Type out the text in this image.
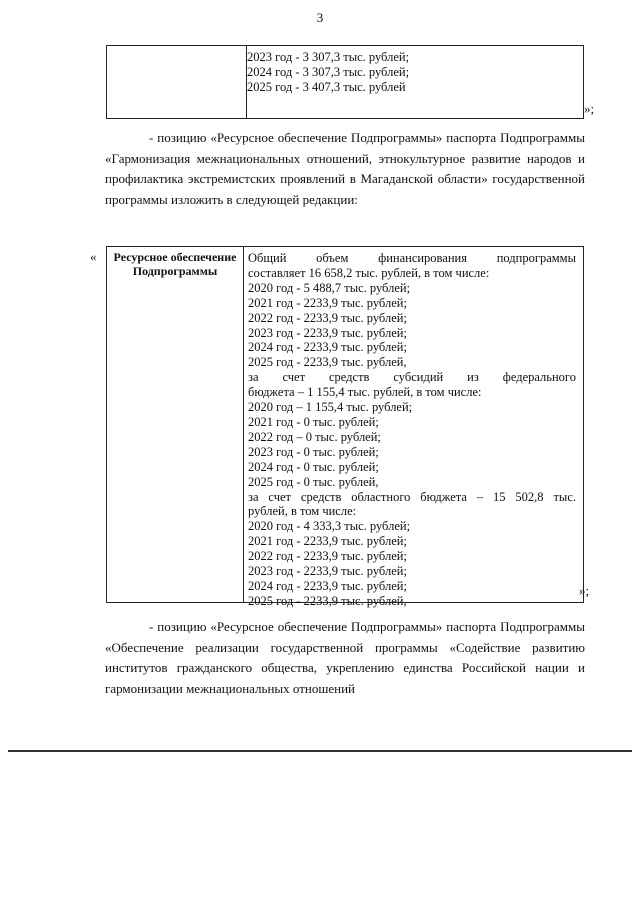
3
2023 год - 3 307,3 тыс. рублей;
2024 год - 3 307,3 тыс. рублей;
2025 год - 3 407,3 тыс. рублей
»;
- позицию «Ресурсное обеспечение Подпрограммы» паспорта Подпрограммы «Гармонизация межнациональных отношений, этнокультурное развитие народов и профилактика экстремистских проявлений в Магаданской области» государственной программы изложить в следующей редакции:
«	Ресурсное обеспечение Подпрограммы
Общий объем финансирования подпрограммы
составляет 16 658,2 тыс. рублей, в том числе:
2020 год - 5 488,7 тыс. рублей;
2021 год - 2233,9 тыс. рублей;
2022 год - 2233,9 тыс. рублей;
2023 год - 2233,9 тыс. рублей;
2024 год - 2233,9 тыс. рублей;
2025 год - 2233,9 тыс. рублей,
за счет средств субсидий из федерального
бюджета – 1 155,4 тыс. рублей, в том числе:
2020 год – 1 155,4 тыс. рублей;
2021 год - 0 тыс. рублей;
2022 год – 0 тыс. рублей;
2023 год - 0 тыс. рублей;
2024 год - 0 тыс. рублей;
2025 год - 0 тыс. рублей,
за счет средств областного бюджета – 15 502,8 тыс.
рублей, в том числе:
2020 год - 4 333,3 тыс. рублей;
2021 год - 2233,9 тыс. рублей;
2022 год - 2233,9 тыс. рублей;
2023 год - 2233,9 тыс. рублей;
2024 год - 2233,9 тыс. рублей;
2025 год - 2233,9 тыс. рублей,
»;
- позицию «Ресурсное обеспечение Подпрограммы» паспорта Подпрограммы «Обеспечение реализации государственной программы «Содействие развитию институтов гражданского общества, укреплению единства Российской нации и гармонизации межнациональных отношений
